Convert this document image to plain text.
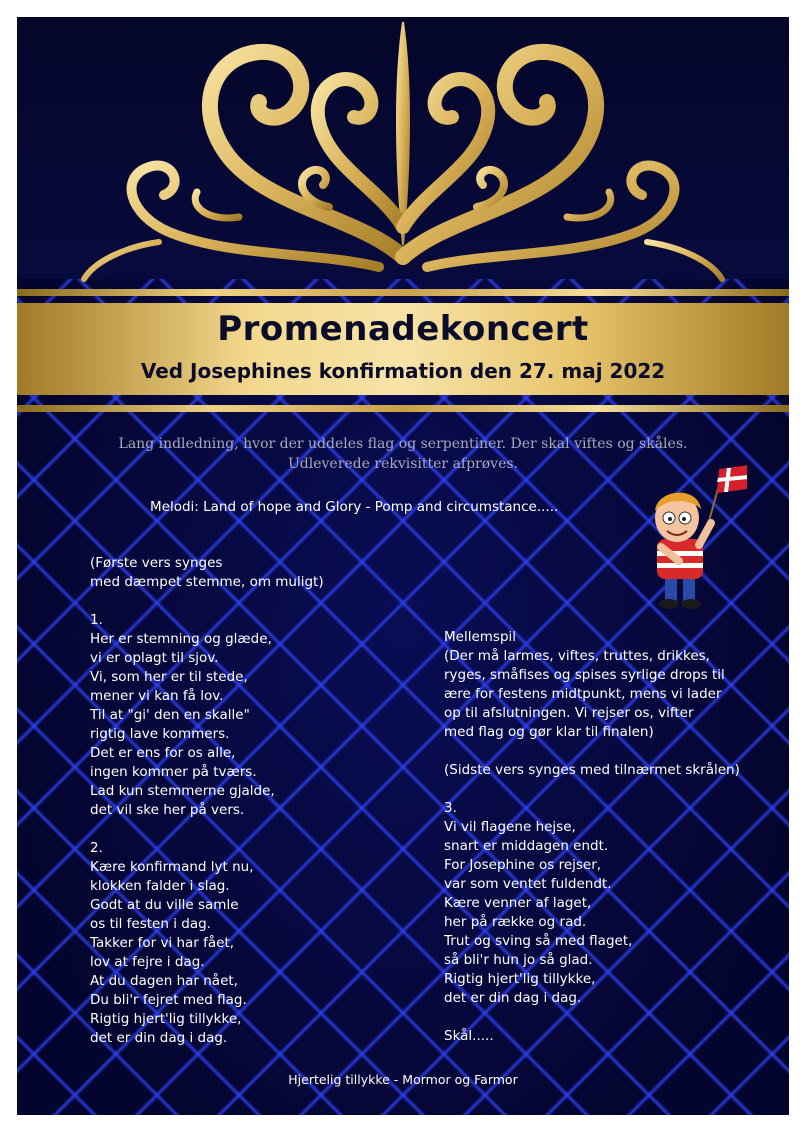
Promenadekoncert
Ved Josephines konfirmation den 27. maj 2022
Lang indledning, hvor der uddeles flag og serpentiner. Der skal viftes og skåles.
Udleverede rekvisitter afprøves.
Melodi: Land of hope and Glory - Pomp and circumstance.....
(Første vers synges
med dæmpet stemme, om muligt)
1.
Her er stemning og glæde,
vi er oplagt til sjov.
Vi, som her er til stede,
mener vi kan få lov.
Til at "gi' den en skalle"
rigtig lave kommers.
Det er ens for os alle,
ingen kommer på tværs.
Lad kun stemmerne gjalde,
det vil ske her på vers.
2.
Kære konfirmand lyt nu,
klokken falder i slag.
Godt at du ville samle
os til festen i dag.
Takker for vi har fået,
lov at fejre i dag.
At du dagen har nået,
Du bli'r fejret med flag.
Rigtig hjert'lig tillykke,
det er din dag i dag.
Mellemspil
(Der må larmes, viftes, truttes, drikkes,
ryges, småfises og spises syrlige drops til
ære for festens midtpunkt, mens vi lader
op til afslutningen. Vi rejser os, vifter
med flag og gør klar til finalen)
(Sidste vers synges med tilnærmet skrålen)
3.
Vi vil flagene hejse,
snart er middagen endt.
For Josephine os rejser,
var som ventet fuldendt.
Kære venner af laget,
her på række og rad.
Trut og sving så med flaget,
så bli'r hun jo så glad.
Rigtig hjert'lig tillykke,
det er din dag i dag.
Skål.....
Hjertelig tillykke - Mormor og Farmor
